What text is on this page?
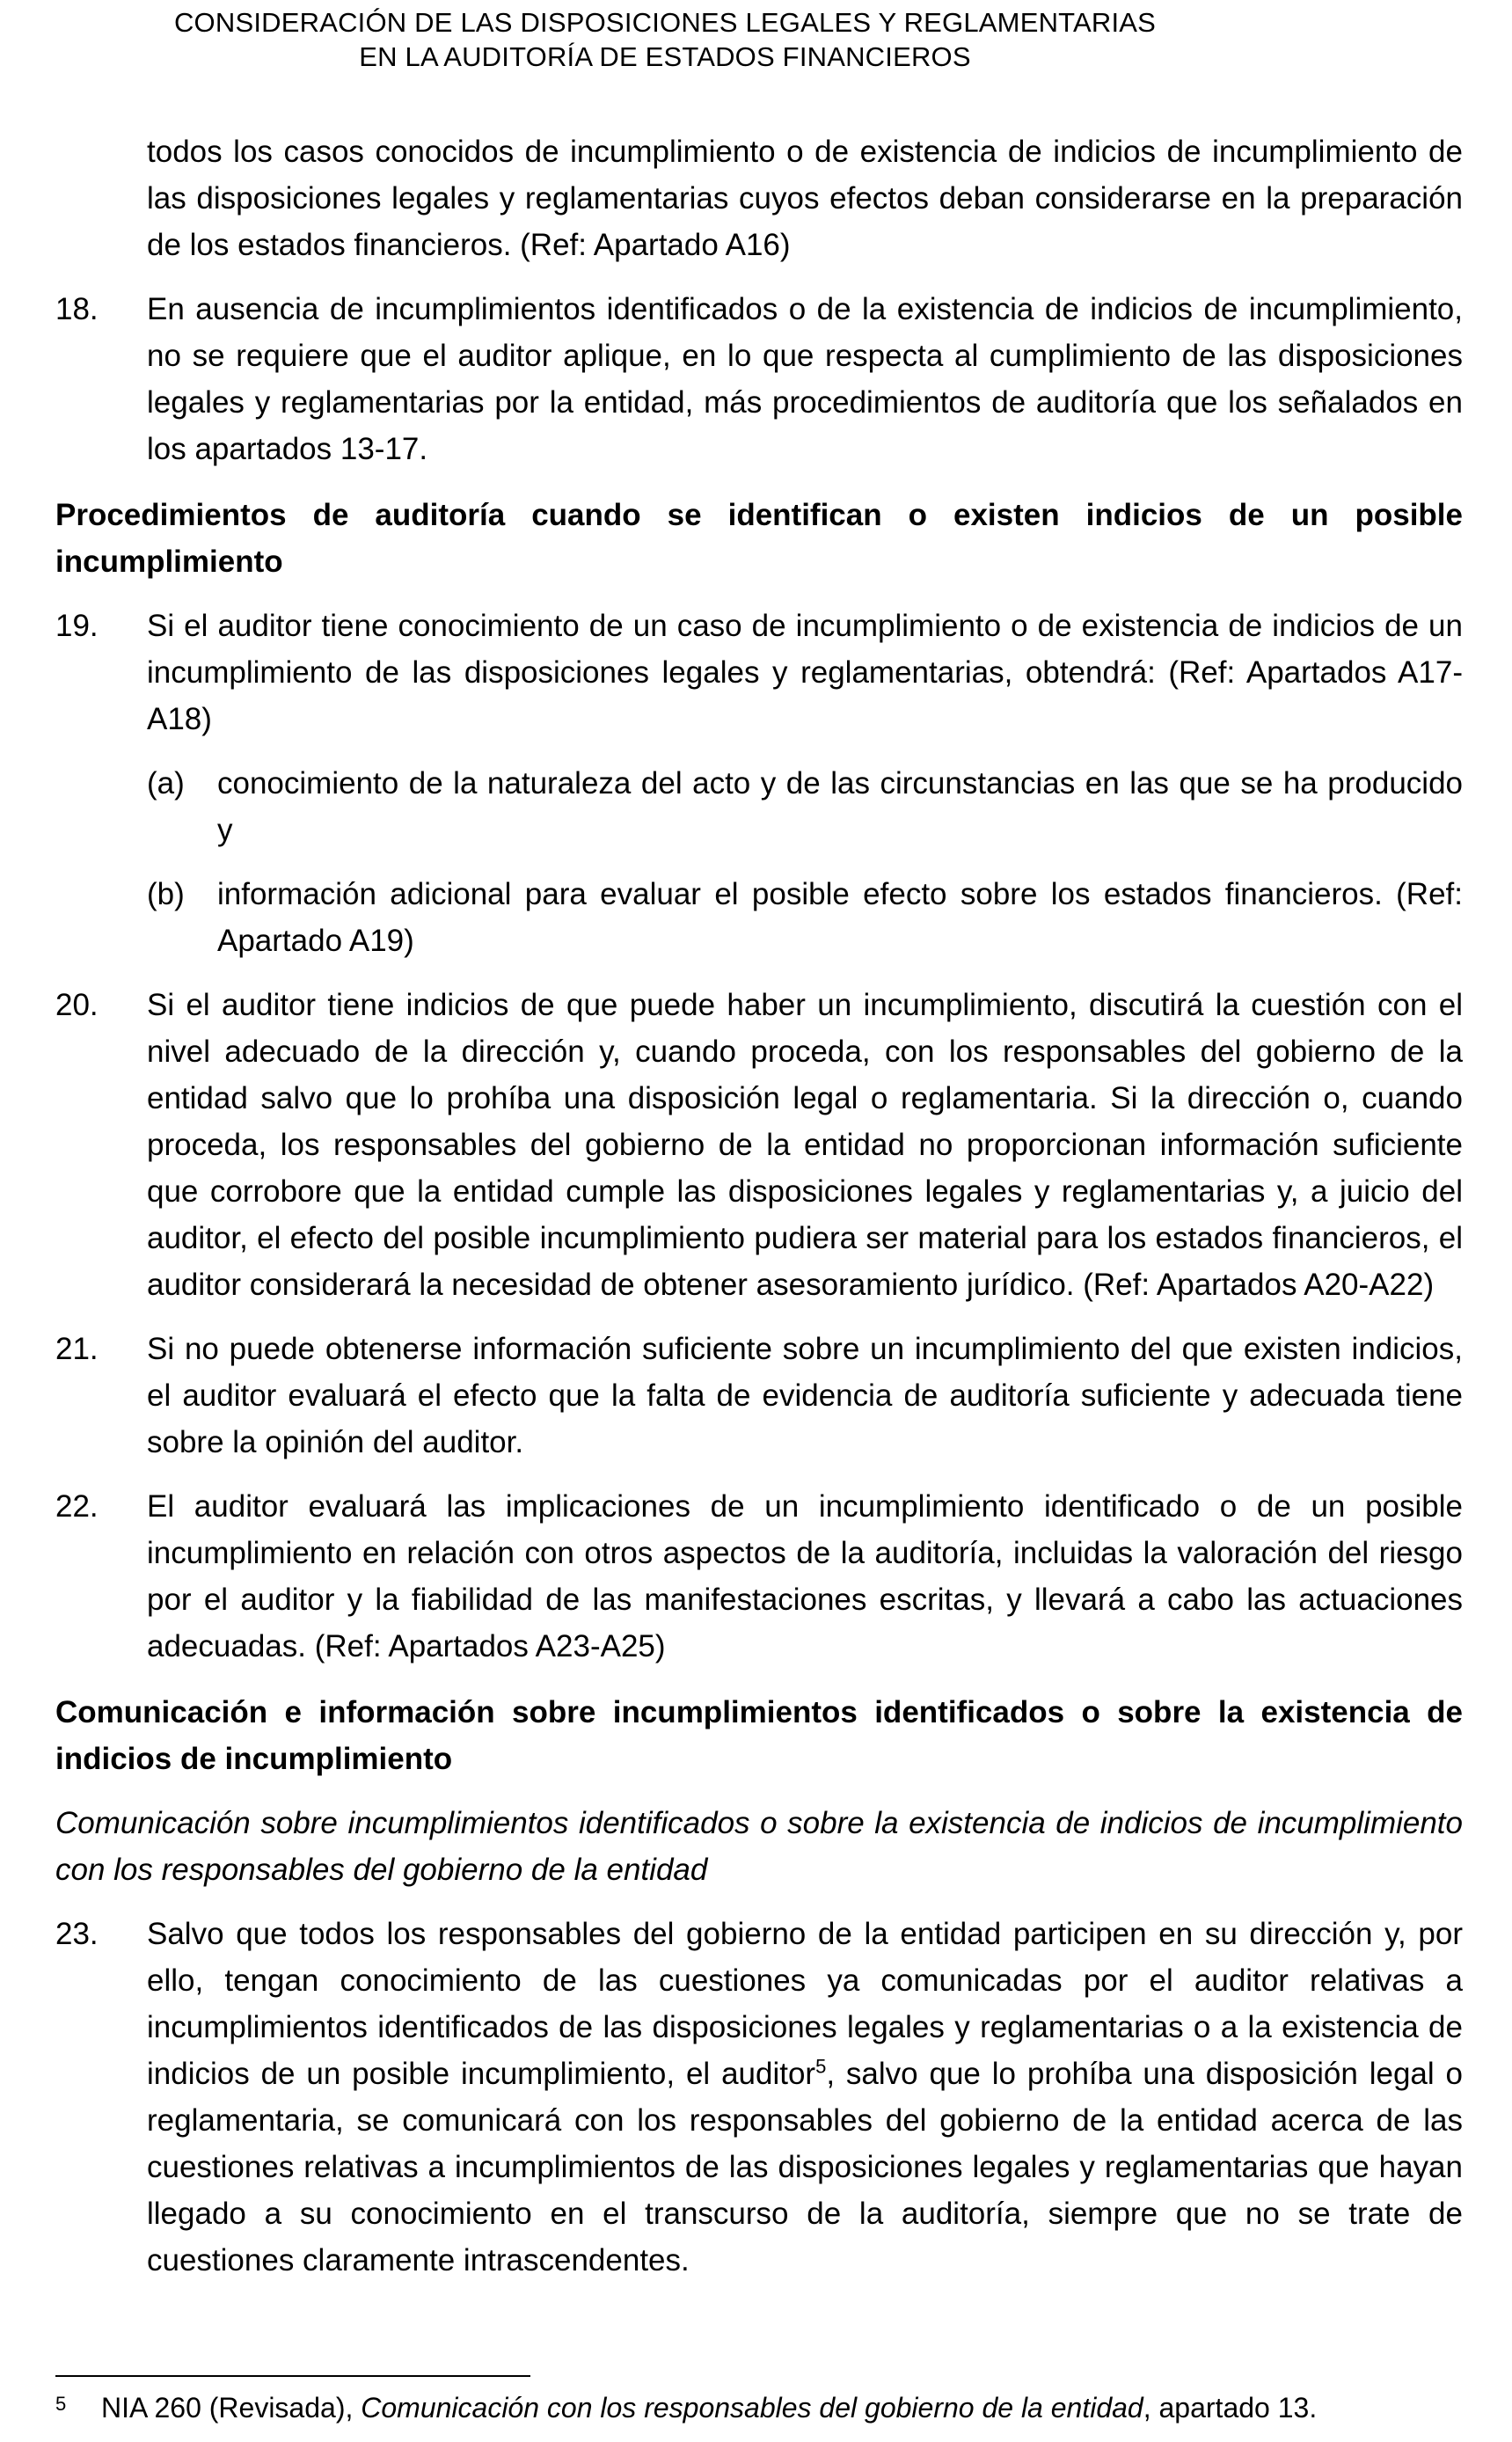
CONSIDERACIÓN DE LAS DISPOSICIONES LEGALES Y REGLAMENTARIAS
EN LA AUDITORÍA DE ESTADOS FINANCIEROS

todos los casos conocidos de incumplimiento o de existencia de indicios de incumplimiento de las disposiciones legales y reglamentarias cuyos efectos deban considerarse en la preparación de los estados financieros. (Ref: Apartado A16)

18. En ausencia de incumplimientos identificados o de la existencia de indicios de incumplimiento, no se requiere que el auditor aplique, en lo que respecta al cumplimiento de las disposiciones legales y reglamentarias por la entidad, más procedimientos de auditoría que los señalados en los apartados 13-17.
Procedimientos de auditoría cuando se identifican o existen indicios de un posible incumplimiento
19. Si el auditor tiene conocimiento de un caso de incumplimiento o de existencia de indicios de un incumplimiento de las disposiciones legales y reglamentarias, obtendrá: (Ref: Apartados A17-A18)
(a) conocimiento de la naturaleza del acto y de las circunstancias en las que se ha producido y
(b) información adicional para evaluar el posible efecto sobre los estados financieros. (Ref: Apartado A19)
20. Si el auditor tiene indicios de que puede haber un incumplimiento, discutirá la cuestión con el nivel adecuado de la dirección y, cuando proceda, con los responsables del gobierno de la entidad salvo que lo prohíba una disposición legal o reglamentaria. Si la dirección o, cuando proceda, los responsables del gobierno de la entidad no proporcionan información suficiente que corrobore que la entidad cumple las disposiciones legales y reglamentarias y, a juicio del auditor, el efecto del posible incumplimiento pudiera ser material para los estados financieros, el auditor considerará la necesidad de obtener asesoramiento jurídico. (Ref: Apartados A20-A22)
21. Si no puede obtenerse información suficiente sobre un incumplimiento del que existen indicios, el auditor evaluará el efecto que la falta de evidencia de auditoría suficiente y adecuada tiene sobre la opinión del auditor.
22. El auditor evaluará las implicaciones de un incumplimiento identificado o de un posible incumplimiento en relación con otros aspectos de la auditoría, incluidas la valoración del riesgo por el auditor y la fiabilidad de las manifestaciones escritas, y llevará a cabo las actuaciones adecuadas. (Ref: Apartados A23-A25)
Comunicación e información sobre incumplimientos identificados o sobre la existencia de indicios de incumplimiento
Comunicación sobre incumplimientos identificados o sobre la existencia de indicios de incumplimiento con los responsables del gobierno de la entidad
23. Salvo que todos los responsables del gobierno de la entidad participen en su dirección y, por ello, tengan conocimiento de las cuestiones ya comunicadas por el auditor relativas a incumplimientos identificados de las disposiciones legales y reglamentarias o a la existencia de indicios de un posible incumplimiento, el auditor$^5$, salvo que lo prohíba una disposición legal o reglamentaria, se comunicará con los responsables del gobierno de la entidad acerca de las cuestiones relativas a incumplimientos de las disposiciones legales y reglamentarias que hayan llegado a su conocimiento en el transcurso de la auditoría, siempre que no se trate de cuestiones claramente intrascendentes.
5	NIA 260 (Revisada), Comunicación con los responsables del gobierno de la entidad, apartado 13.
